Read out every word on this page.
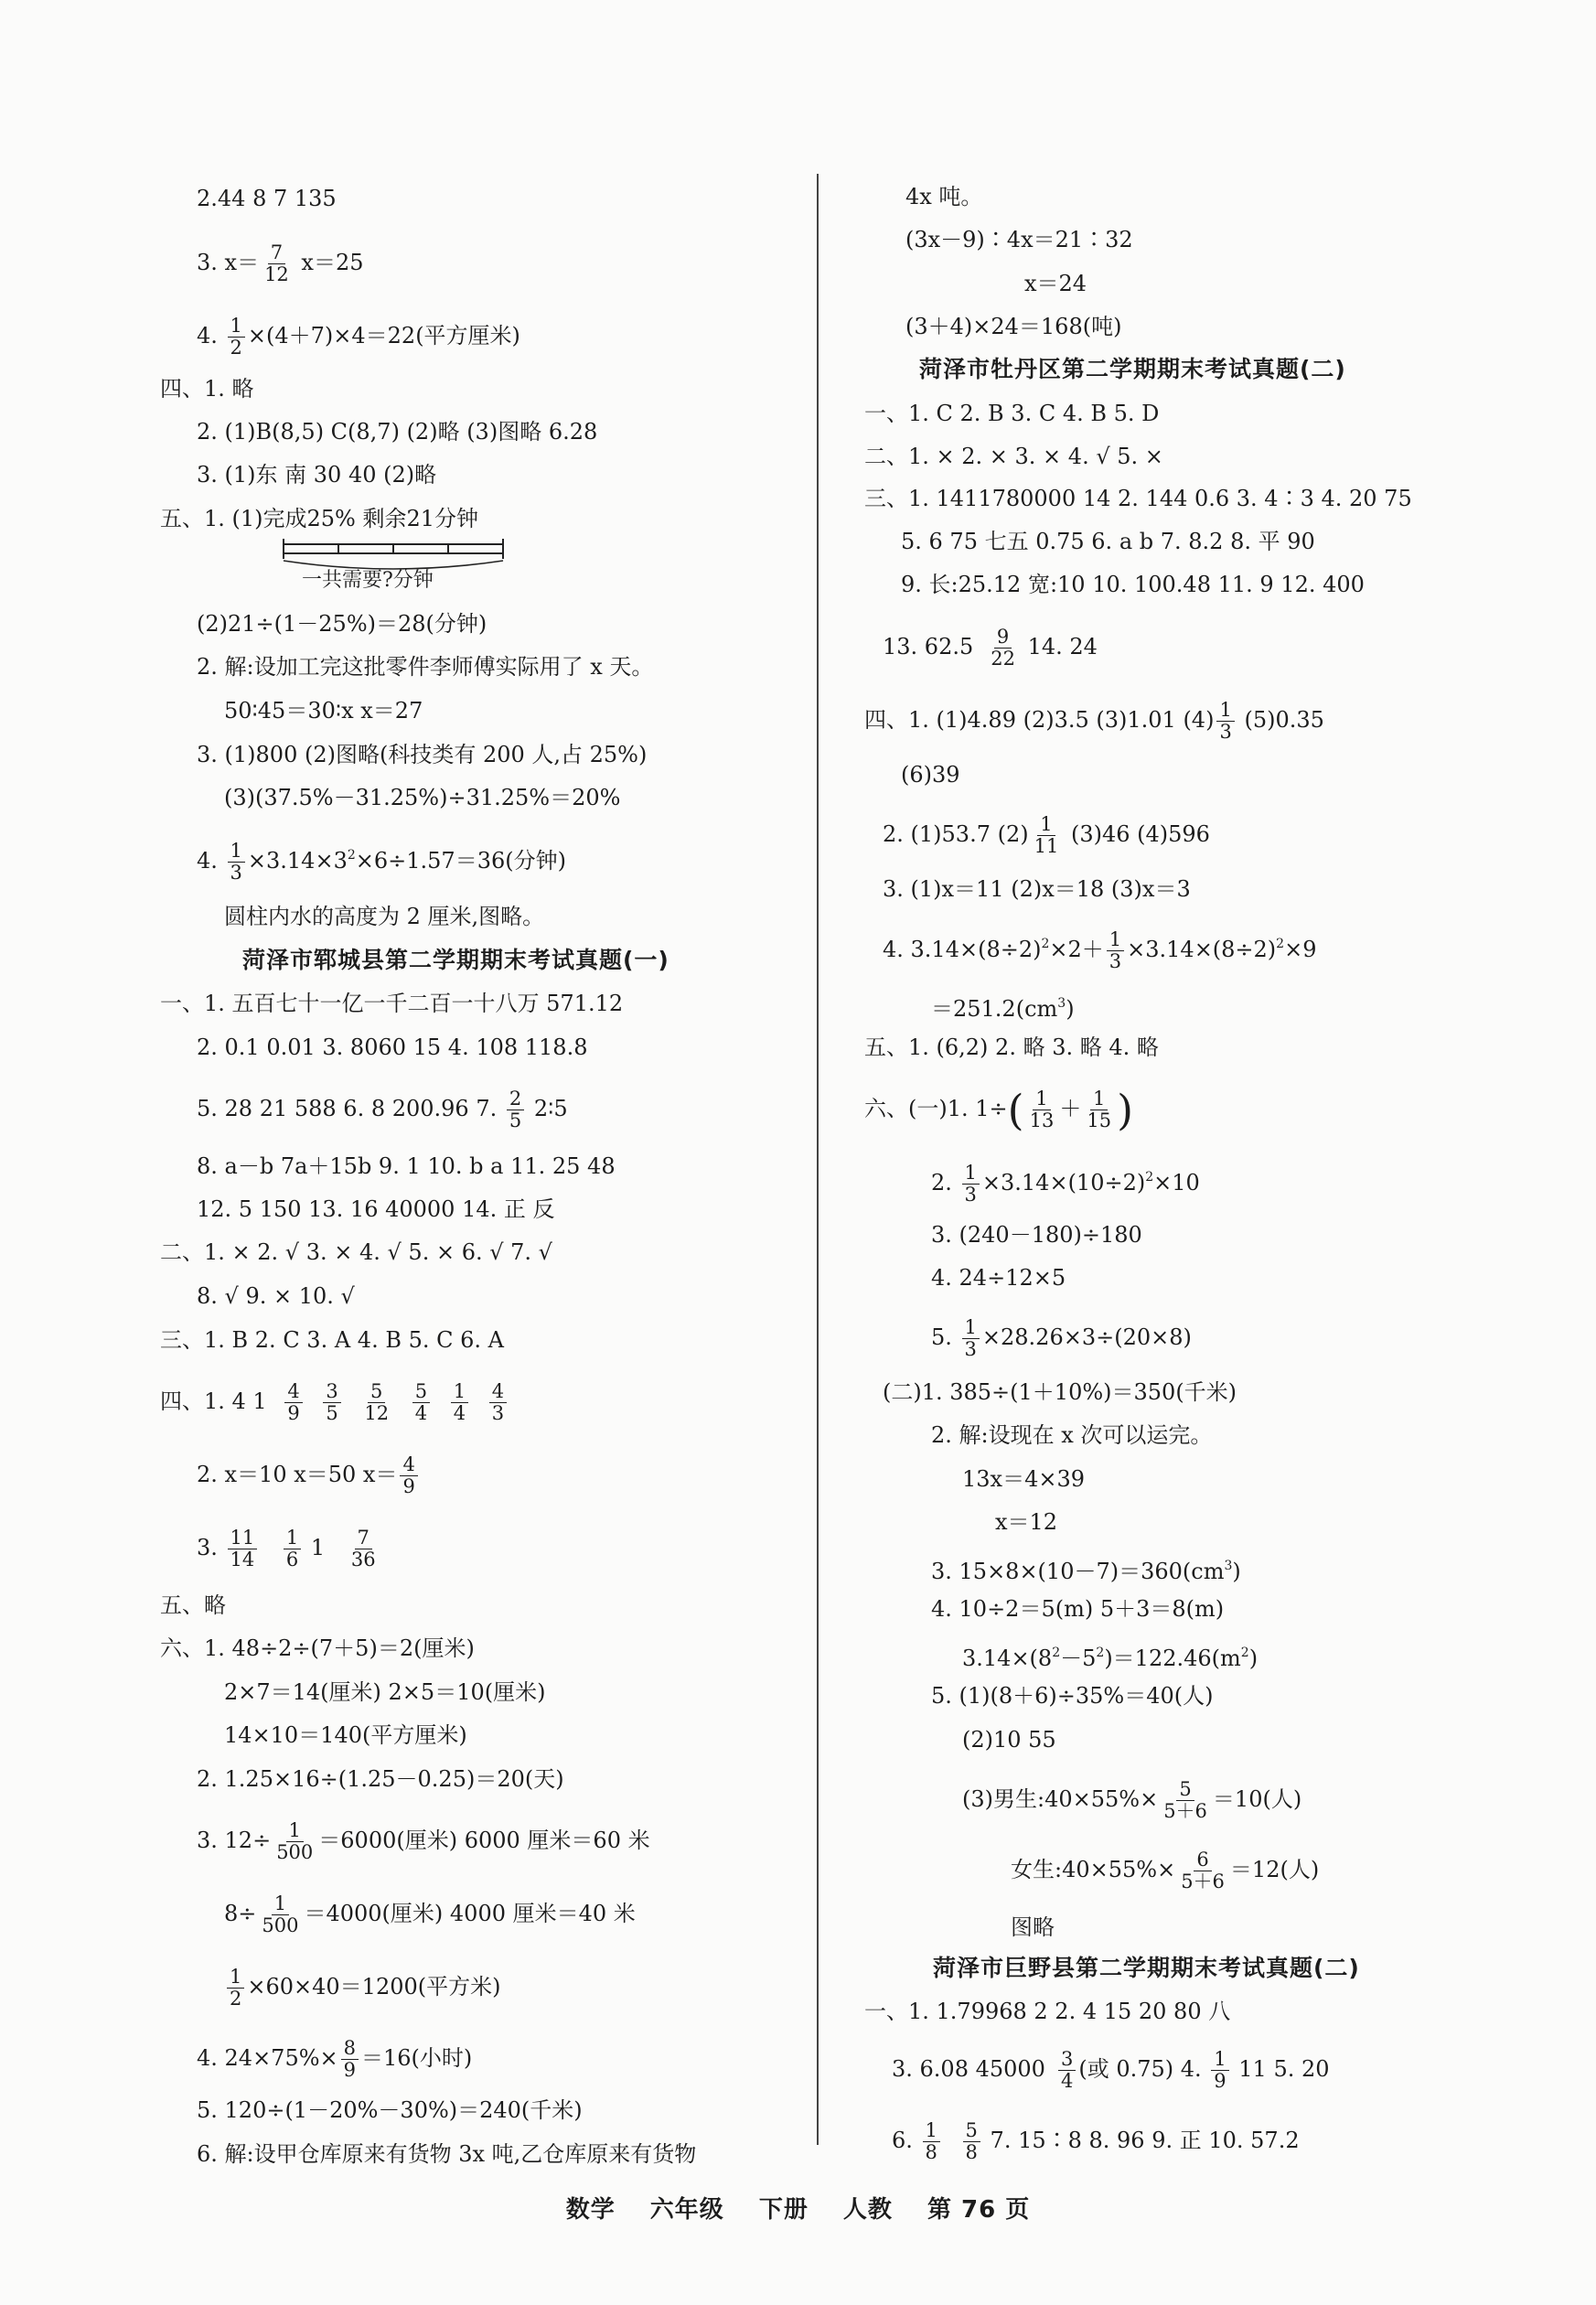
2.44 8 7 135
3. $x= \frac{7}{12} x=25$
4. $\frac{1}{2} \times(4+7)\times 4=22$(平方厘米)
四、1. 略
2. (1)B(8,5) C(8,7) (2)略 (3)图略 6.28
3. (1)东 南 30 40 (2)略
五、1. (1)完成25% 剩余21分钟
一共需要?分钟
(2)21÷(1－25%)＝28(分钟)
2. 解:设加工完这批零件李师傅实际用了 x 天。
50∶45＝30∶x x＝27
3. (1)800 (2)图略(科技类有 200 人,占 25%)
(3)(37.5%－31.25%)÷31.25%＝20%
4. $\frac{1}{3} \times 3.14\times 3^2\times 6\div 1.57=36$(分钟)
圆柱内水的高度为 2 厘米,图略。
菏泽市郓城县第二学期期末考试真题(一)
一、1. 五百七十一亿一千二百一十八万 571.12
2. 0.1 0.01 3. 8060 15 4. 108 118.8
5. 28 21 588 6. 8 200.96 7. $\frac{2}{5}$ 2∶5
8. a－b 7a＋15b 9. 1 10. b a 11. 25 48
12. 5 150 13. 16 40000 14. 正 反
二、1. × 2. √ 3. × 4. √ 5. × 6. √ 7. √
8. √ 9. × 10. √
三、1. B 2. C 3. A 4. B 5. C 6. A
四、1. 4 $1 \frac{4}{9}$
$\frac{3}{5}$
$\frac{5}{12}$
$\frac{5}{4}$
$\frac{1}{4}$
$\frac{4}{3}$
2. x＝10 x＝50 $x= \frac{4}{9}$
3. $\frac{11}{14}$
$\frac{1}{6} 1 \frac{7}{36}$
五、略
六、1. 48÷2÷(7＋5)＝2(厘米)
2×7＝14(厘米) 2×5＝10(厘米)
14×10＝140(平方厘米)
2. 1.25×16÷(1.25－0.25)＝20(天)
3. $12\div \frac{1}{500} =6000$(厘米) 6000 厘米＝60 米
$8\div \frac{1}{500} =4000$(厘米) 4000 厘米＝40 米
$\frac{1}{2} \times 60\times 40=1200$(平方米)
4. $24\times 75\%\times \frac{8}{9} =16$(小时)
5. 120÷(1－20%－30%)＝240(千米)
6. 解:设甲仓库原来有货物 3x 吨,乙仓库原来有货物
4x 吨。
(3x－9)∶4x＝21∶32
x＝24
(3＋4)×24＝168(吨)
菏泽市牡丹区第二学期期末考试真题(二)
一、1. C 2. B 3. C 4. B 5. D
二、1. × 2. × 3. × 4. √ 5. ×
三、1. 1411780000 14 2. 144 0.6 3. 4∶3 4. 20 75
5. 6 75 七五 0.75 6. a b 7. 8.2 8. 平 90
9. 长:25.12 宽:10 10. 100.48 11. 9 12. 400
13. $62.5 \frac{9}{22} 14$. 24
四、1. (1)4.89 (2)3.5 (3)1.01 $(4) \frac{1}{3} (5)0.35$
(6)39
2. (1)53.7 $(2) \frac{1}{11} (3)46$ (4)596
3. (1)x＝11 (2)x＝18 (3)x＝3
4. $3.14\times(8\div 2)^2\times 2+ \frac{1}{3} \times 3.14\times(8\div 2)^2\times 9$
$=251.2(cm^3)$
五、1. (6,2) 2. 略 3. 略 4. 略
六、(一)1. $1\div( \frac{1}{13} + \frac{1}{15}$ )
2. $\frac{1}{3} \times 3.14\times(10\div 2)^2\times 10$
3. (240－180)÷180
4. 24÷12×5
5. $\frac{1}{3} \times 28.26\times 3\div(20\times 8)$
(二)1. 385÷(1＋10%)＝350(千米)
2. 解:设现在 x 次可以运完。
13x＝4×39
x＝12
3. $15\times 8\times(10-7)=360(cm^3)$
4. 10÷2＝5(m) 5＋3＝8(m)
$3.14\times(8^2-5^2)=122.46(m^2)$
5. (1)(8＋6)÷35%＝40(人)
(2)10 55
(3)男生:40×55%× $\frac{5}{5+6} =10$(人)
女生:40×55%× $\frac{6}{5+6} =12$(人)
图略
菏泽市巨野县第二学期期末考试真题(二)
一、1. 1.79968 2 2. 4 15 20 80 八
3. 6.08 $45000 \frac{3}{4}$ (或 0.75) 4. $\frac{1}{9} 11$ 5. 20
6. $\frac{1}{8}$
$\frac{5}{8} 7$. 15∶8 8. 96 9. 正 10. 57.2
数学 六年级 下册 人教 第 76 页
